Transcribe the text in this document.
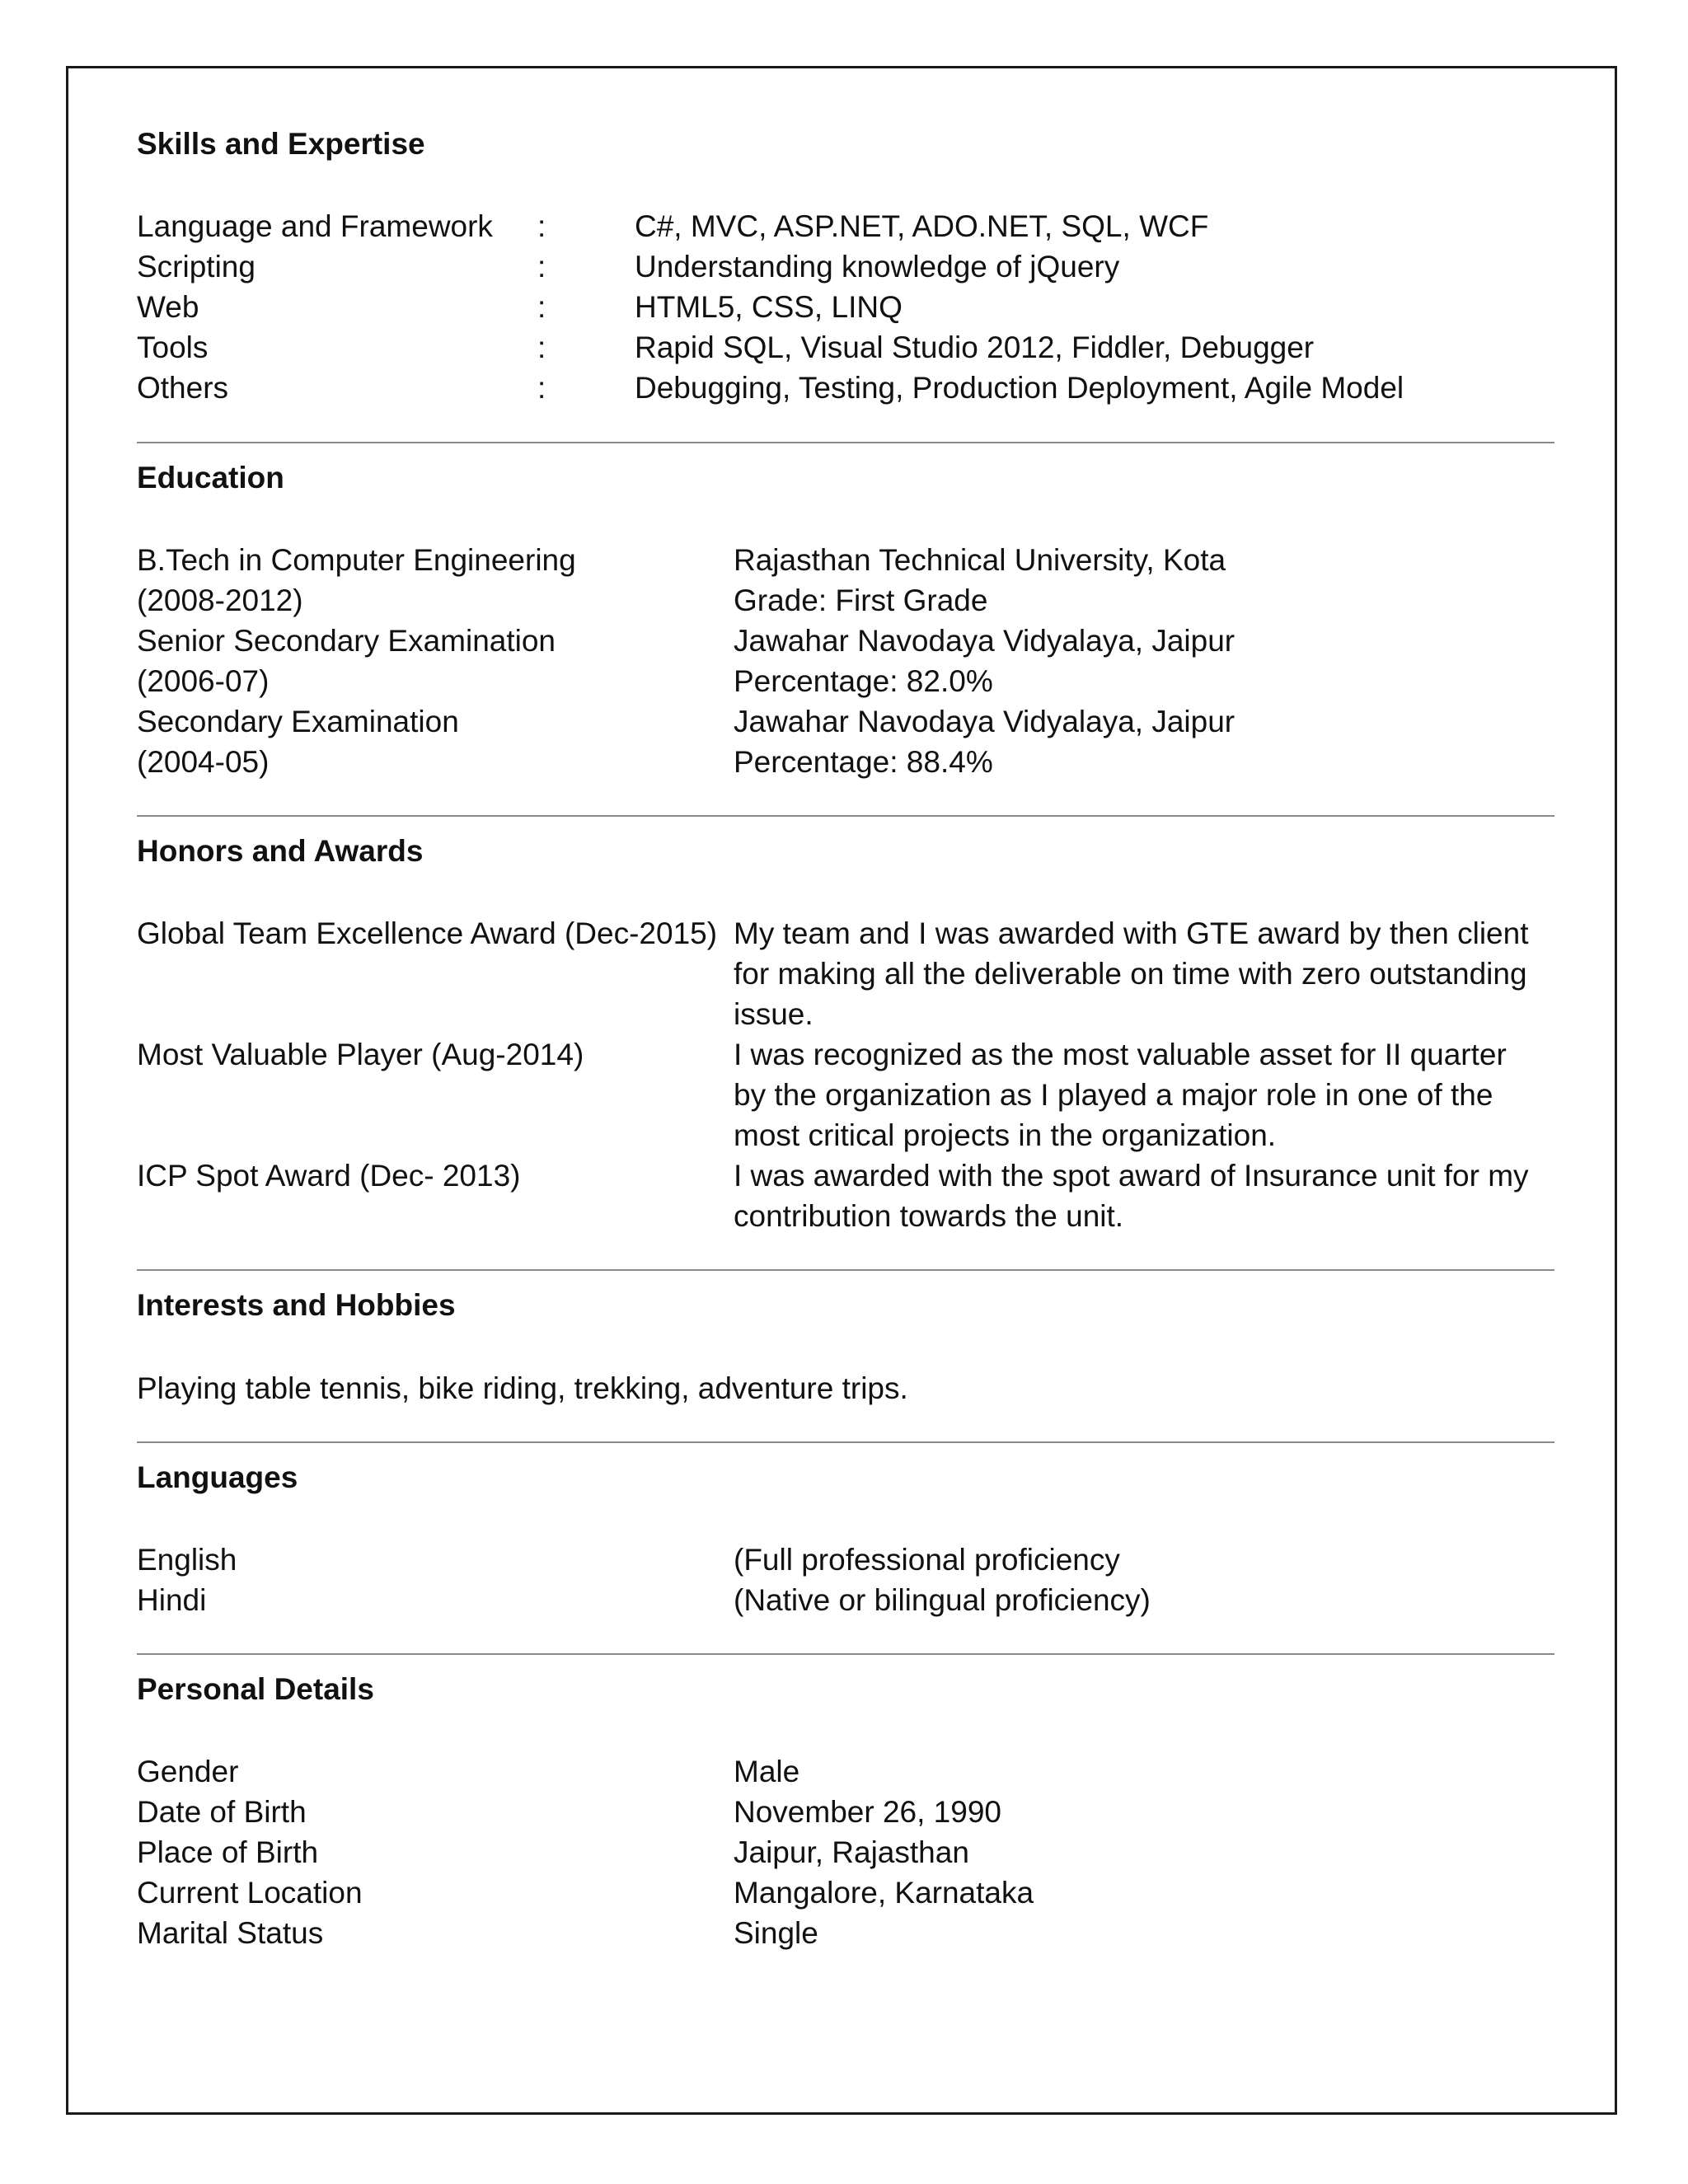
Skills and Expertise
Language and Framework	:	C#, MVC, ASP.NET, ADO.NET, SQL, WCF
Scripting	:	Understanding knowledge of jQuery
Web	:	HTML5, CSS, LINQ
Tools	:	Rapid SQL, Visual Studio 2012, Fiddler, Debugger
Others	:	Debugging, Testing, Production Deployment, Agile Model
Education
B.Tech in Computer Engineering	Rajasthan Technical University, Kota
(2008-2012)	Grade: First Grade
Senior Secondary Examination	Jawahar Navodaya Vidyalaya, Jaipur
(2006-07)	Percentage: 82.0%
Secondary Examination	Jawahar Navodaya Vidyalaya, Jaipur
(2004-05)	Percentage: 88.4%
Honors and Awards
Global Team Excellence Award (Dec-2015) My team and I was awarded with GTE award by then client for making all the deliverable on time with zero outstanding issue.
Most Valuable Player (Aug-2014)	I was recognized as the most valuable asset for II quarter by the organization as I played a major role in one of the most critical projects in the organization.
ICP Spot Award (Dec- 2013)	I was awarded with the spot award of Insurance unit for my contribution towards the unit.
Interests and Hobbies
Playing table tennis, bike riding, trekking, adventure trips.
Languages
English	(Full professional proficiency
Hindi	(Native or bilingual proficiency)
Personal Details
Gender	Male
Date of Birth	November 26, 1990
Place of Birth	Jaipur, Rajasthan
Current Location	Mangalore, Karnataka
Marital Status	Single
